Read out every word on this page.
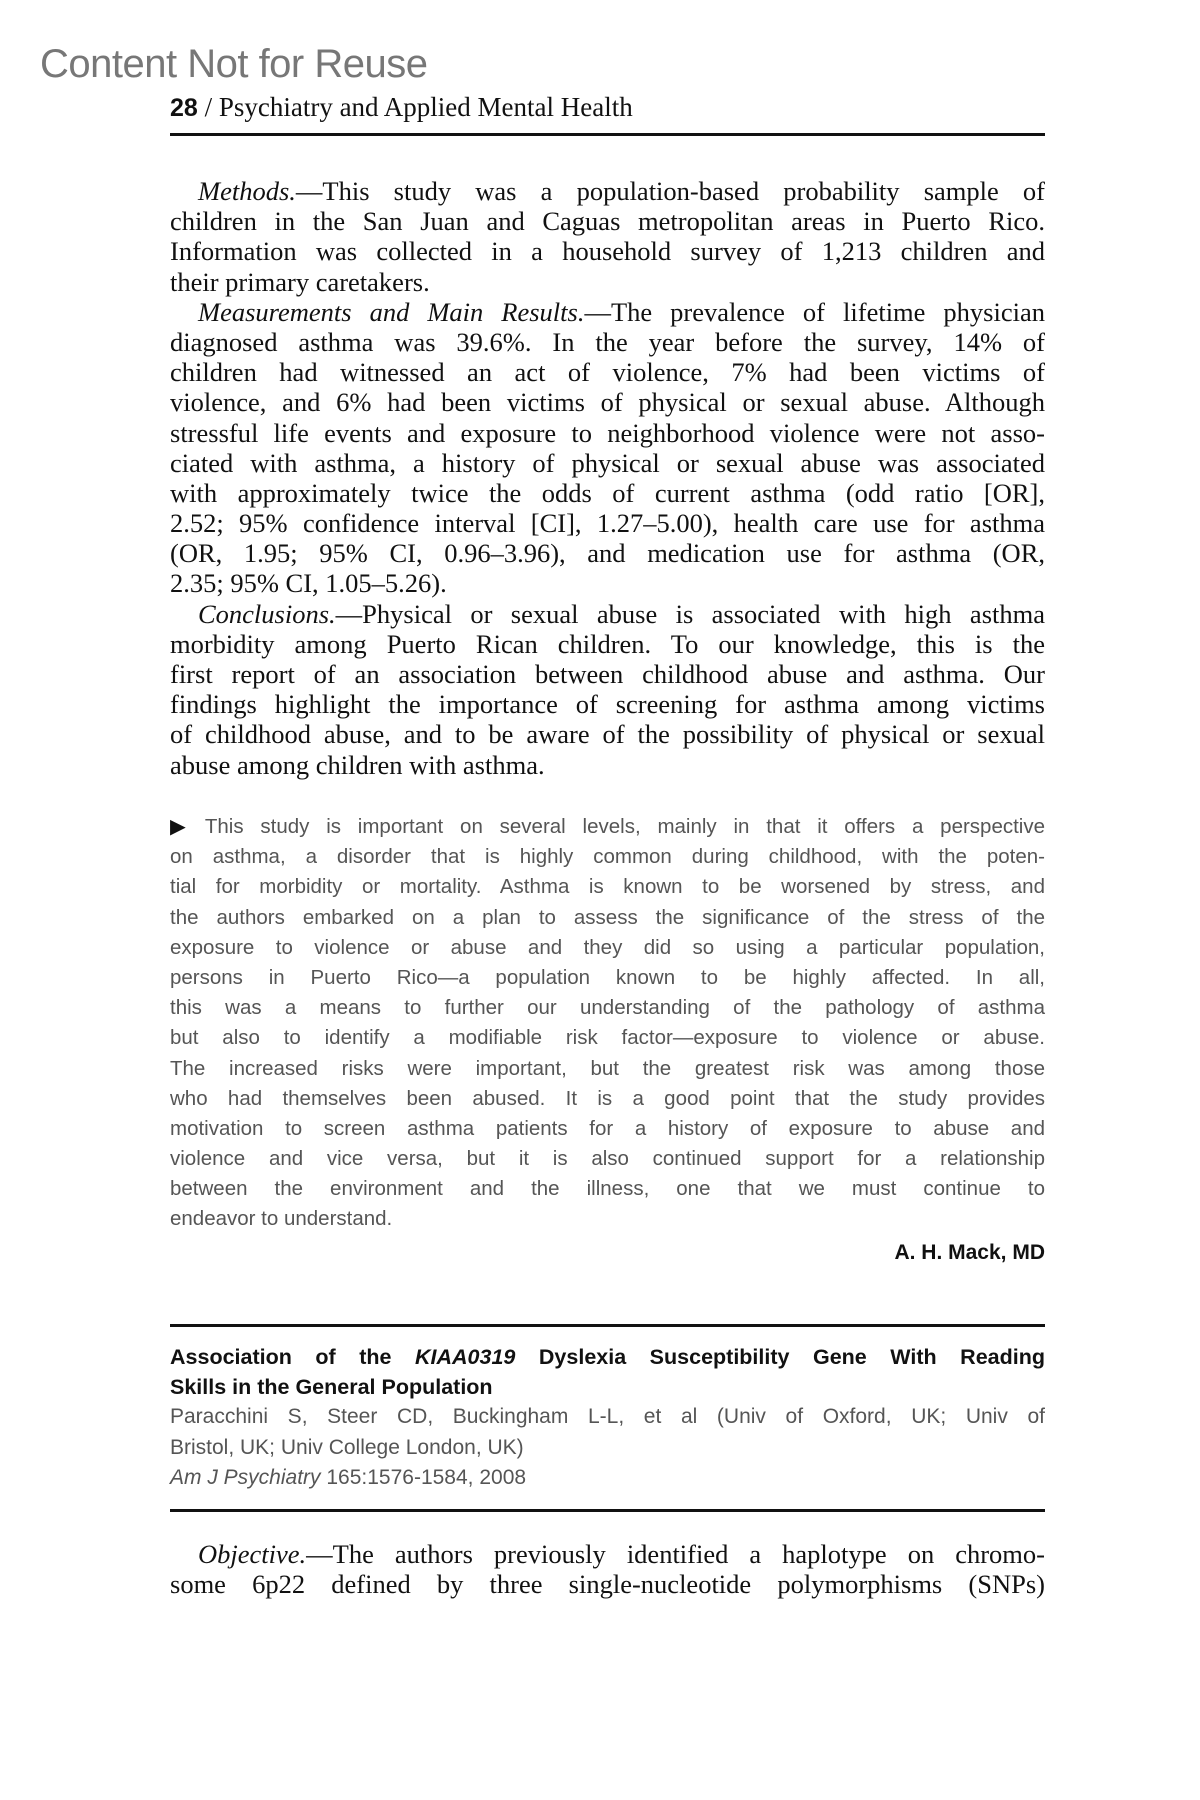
Content Not for Reuse
28 / Psychiatry and Applied Mental Health
Methods.—This study was a population-based probability sample of
children in the San Juan and Caguas metropolitan areas in Puerto Rico.
Information was collected in a household survey of 1,213 children and
their primary caretakers.
Measurements and Main Results.—The prevalence of lifetime physician
diagnosed asthma was 39.6%. In the year before the survey, 14% of
children had witnessed an act of violence, 7% had been victims of
violence, and 6% had been victims of physical or sexual abuse. Although
stressful life events and exposure to neighborhood violence were not asso-
ciated with asthma, a history of physical or sexual abuse was associated
with approximately twice the odds of current asthma (odd ratio [OR],
2.52; 95% confidence interval [CI], 1.27–5.00), health care use for asthma
(OR, 1.95; 95% CI, 0.96–3.96), and medication use for asthma (OR,
2.35; 95% CI, 1.05–5.26).
Conclusions.—Physical or sexual abuse is associated with high asthma
morbidity among Puerto Rican children. To our knowledge, this is the
first report of an association between childhood abuse and asthma. Our
findings highlight the importance of screening for asthma among victims
of childhood abuse, and to be aware of the possibility of physical or sexual
abuse among children with asthma.
▶ This study is important on several levels, mainly in that it offers a perspective
on asthma, a disorder that is highly common during childhood, with the poten-
tial for morbidity or mortality. Asthma is known to be worsened by stress, and
the authors embarked on a plan to assess the significance of the stress of the
exposure to violence or abuse and they did so using a particular population,
persons in Puerto Rico—a population known to be highly affected. In all,
this was a means to further our understanding of the pathology of asthma
but also to identify a modifiable risk factor—exposure to violence or abuse.
The increased risks were important, but the greatest risk was among those
who had themselves been abused. It is a good point that the study provides
motivation to screen asthma patients for a history of exposure to abuse and
violence and vice versa, but it is also continued support for a relationship
between the environment and the illness, one that we must continue to
endeavor to understand.
A. H. Mack, MD
Association of the KIAA0319 Dyslexia Susceptibility Gene With Reading
Skills in the General Population
Paracchini S, Steer CD, Buckingham L-L, et al (Univ of Oxford, UK; Univ of
Bristol, UK; Univ College London, UK)
Am J Psychiatry 165:1576-1584, 2008
Objective.—The authors previously identified a haplotype on chromo-
some 6p22 defined by three single-nucleotide polymorphisms (SNPs)
